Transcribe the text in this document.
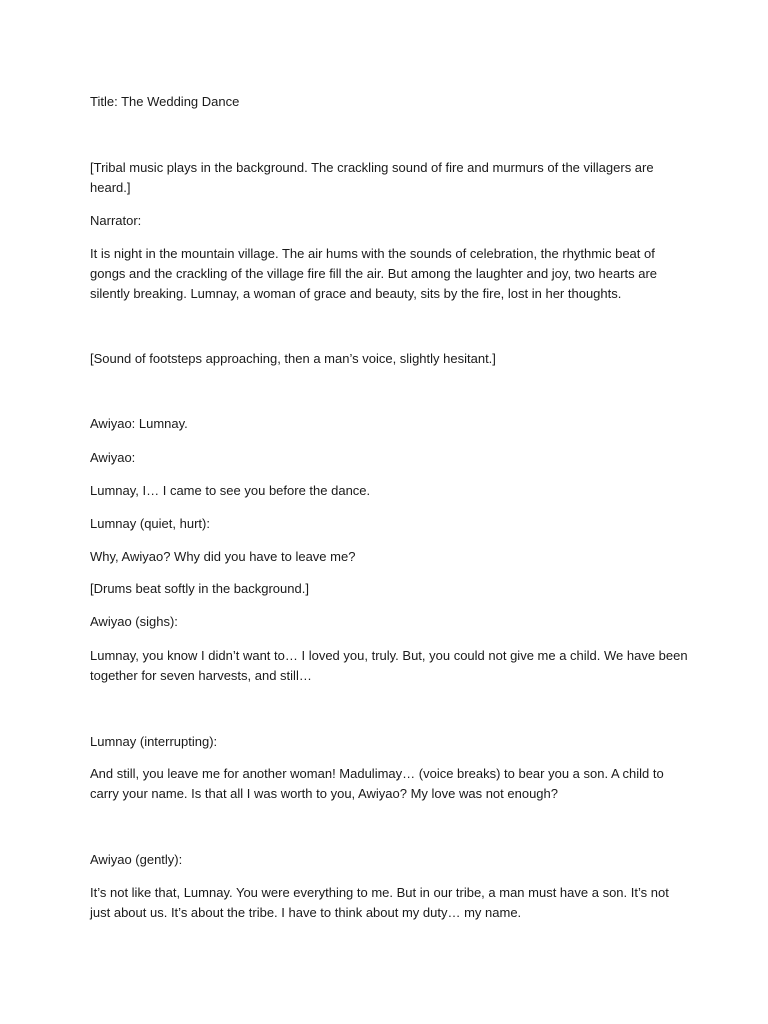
Title: The Wedding Dance

[Tribal music plays in the background. The crackling sound of fire and murmurs of the villagers are heard.]

Narrator:

It is night in the mountain village. The air hums with the sounds of celebration, the rhythmic beat of gongs and the crackling of the village fire fill the air. But among the laughter and joy, two hearts are silently breaking. Lumnay, a woman of grace and beauty, sits by the fire, lost in her thoughts.

[Sound of footsteps approaching, then a man’s voice, slightly hesitant.]

Awiyao: Lumnay.

Awiyao:

Lumnay, I… I came to see you before the dance.

Lumnay (quiet, hurt):

Why, Awiyao? Why did you have to leave me?

[Drums beat softly in the background.]

Awiyao (sighs):

Lumnay, you know I didn’t want to… I loved you, truly. But, you could not give me a child. We have been together for seven harvests, and still…

Lumnay (interrupting):

And still, you leave me for another woman! Madulimay… (voice breaks) to bear you a son. A child to carry your name. Is that all I was worth to you, Awiyao? My love was not enough?

Awiyao (gently):

It’s not like that, Lumnay. You were everything to me. But in our tribe, a man must have a son. It’s not just about us. It’s about the tribe. I have to think about my duty… my name.
